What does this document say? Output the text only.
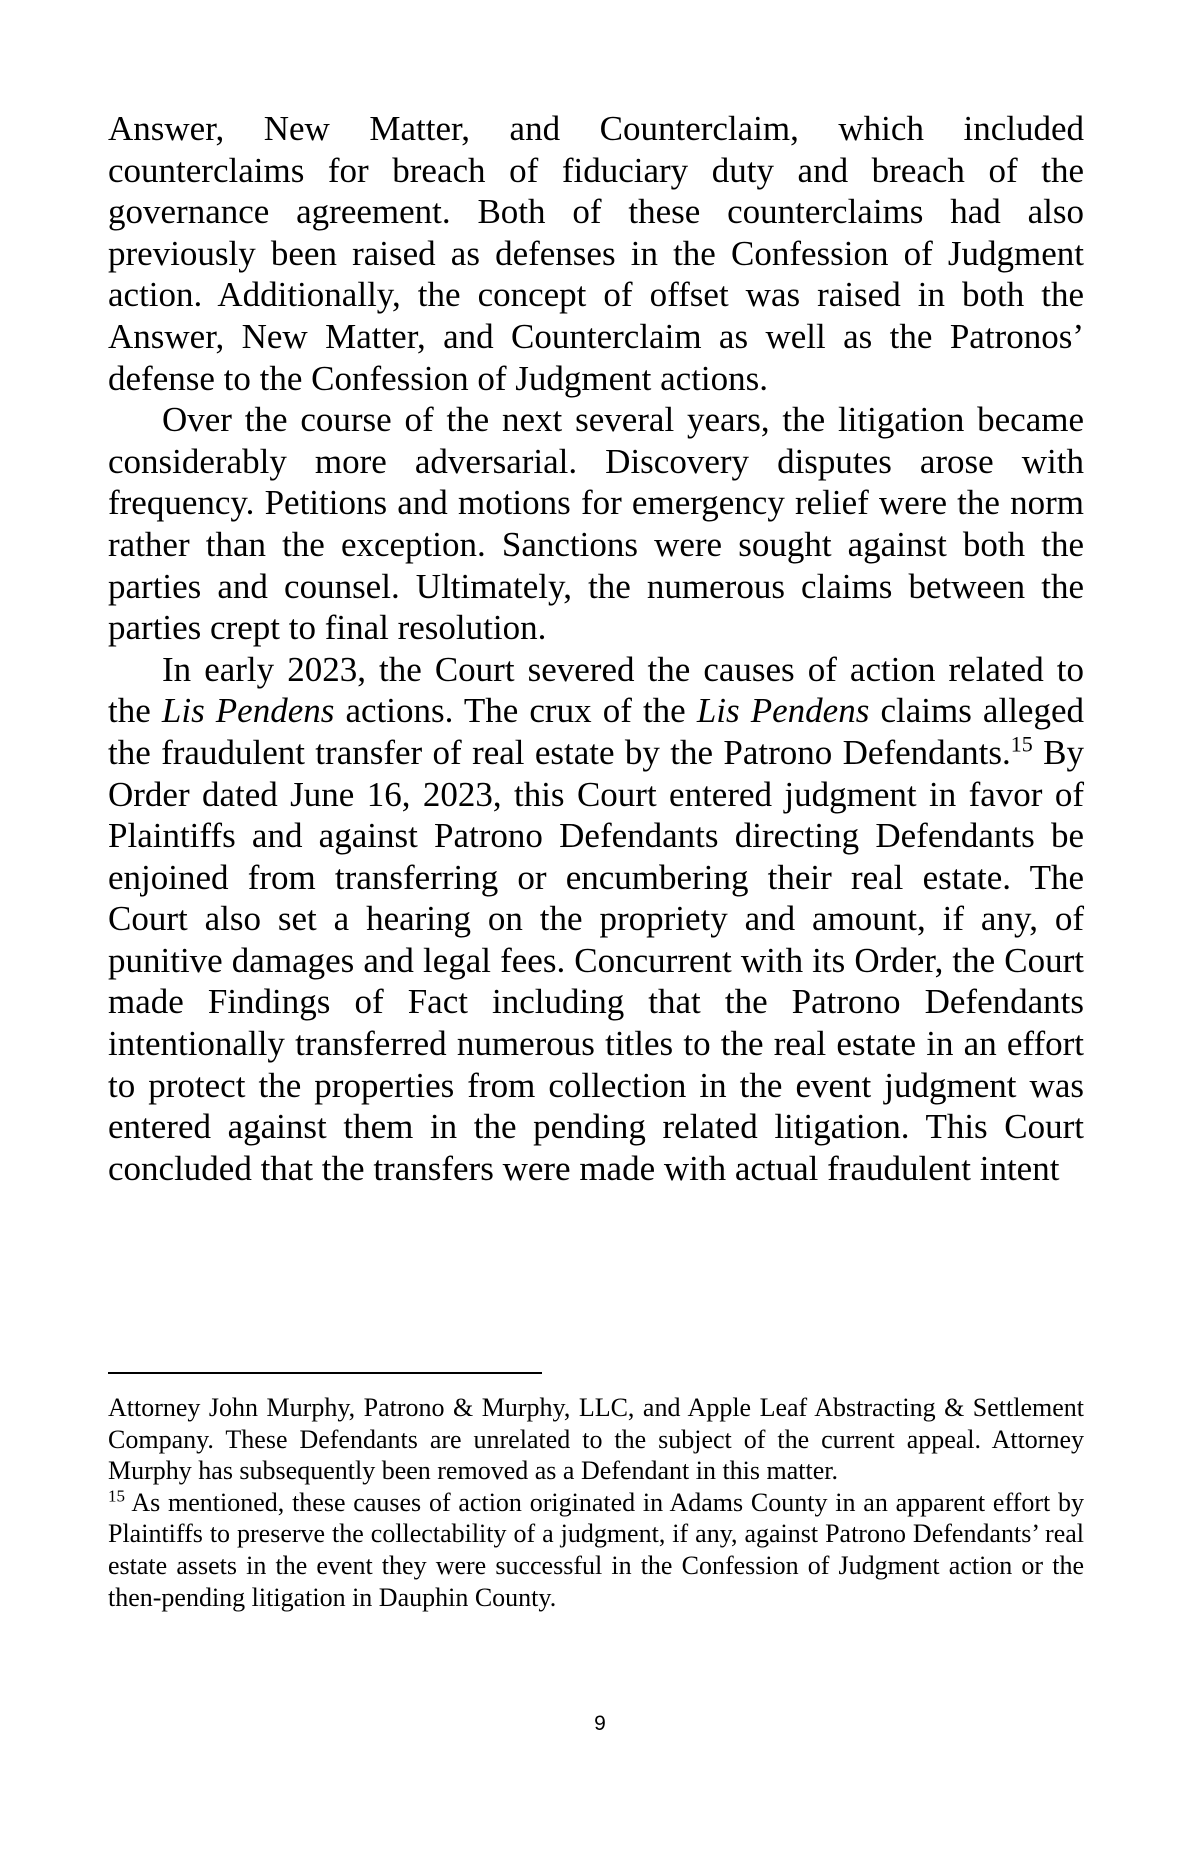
Answer, New Matter, and Counterclaim, which included counterclaims for breach of fiduciary duty and breach of the governance agreement. Both of these counterclaims had also previously been raised as defenses in the Confession of Judgment action. Additionally, the concept of offset was raised in both the Answer, New Matter, and Counterclaim as well as the Patronos’ defense to the Confession of Judgment actions.

Over the course of the next several years, the litigation became considerably more adversarial. Discovery disputes arose with frequency. Petitions and motions for emergency relief were the norm rather than the exception. Sanctions were sought against both the parties and counsel. Ultimately, the numerous claims between the parties crept to final resolution.

In early 2023, the Court severed the causes of action related to the Lis Pendens actions. The crux of the Lis Pendens claims alleged the fraudulent transfer of real estate by the Patrono Defendants.$^{15}$ By Order dated June 16, 2023, this Court entered judgment in favor of Plaintiffs and against Patrono Defendants directing Defendants be enjoined from transferring or encumbering their real estate. The Court also set a hearing on the propriety and amount, if any, of punitive damages and legal fees. Concurrent with its Order, the Court made Findings of Fact including that the Patrono Defendants intentionally transferred numerous titles to the real estate in an effort to protect the properties from collection in the event judgment was entered against them in the pending related litigation. This Court concluded that the transfers were made with actual fraudulent intent

Attorney John Murphy, Patrono & Murphy, LLC, and Apple Leaf Abstracting & Settlement Company. These Defendants are unrelated to the subject of the current appeal. Attorney Murphy has subsequently been removed as a Defendant in this matter.

$^{15}$ As mentioned, these causes of action originated in Adams County in an apparent effort by Plaintiffs to preserve the collectability of a judgment, if any, against Patrono Defendants’ real estate assets in the event they were successful in the Confession of Judgment action or the then-pending litigation in Dauphin County.

9
